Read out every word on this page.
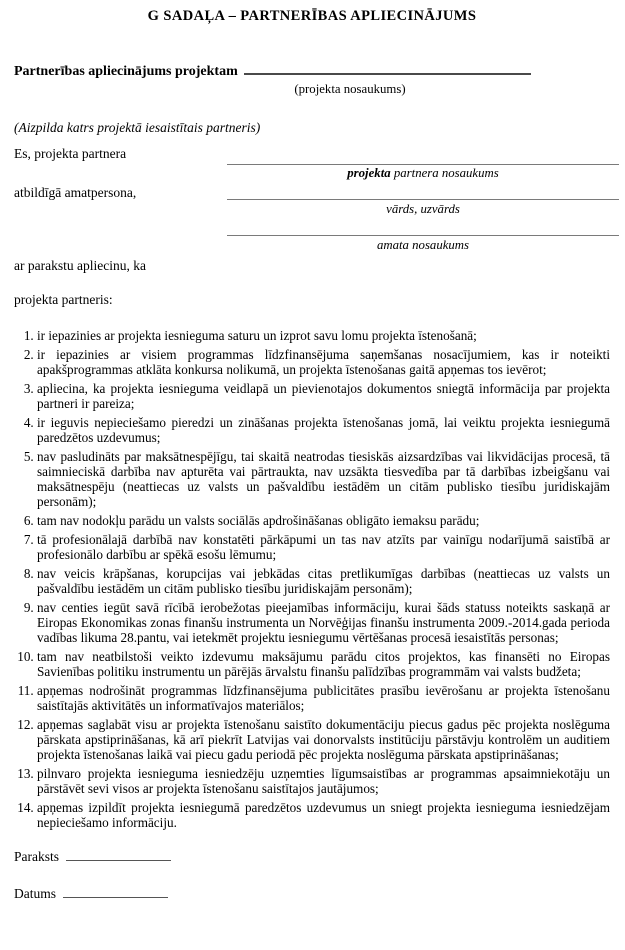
G SADAĻA – PARTNERĪBAS APLIECINĀJUMS
Partnerības apliecinājums projektam
(projekta nosaukums)
(Aizpilda katrs projektā iesaistītais partneris)
Es, projekta partnera
projekta partnera nosaukums
atbildīgā amatpersona,
vārds, uzvārds
amata nosaukums
ar parakstu apliecinu, ka
projekta partneris:
1. ir iepazinies ar projekta iesnieguma saturu un izprot savu lomu projekta īstenošanā;
2. ir iepazinies ar visiem programmas līdzfinansējuma saņemšanas nosacījumiem, kas ir noteikti apakšprogrammas atklāta konkursa nolikumā, un projekta īstenošanas gaitā apņemas tos ievērot;
3. apliecina, ka projekta iesnieguma veidlapā un pievienotajos dokumentos sniegtā informācija par projekta partneri ir pareiza;
4. ir ieguvis nepieciešamo pieredzi un zināšanas projekta īstenošanas jomā, lai veiktu projekta iesniegumā paredzētos uzdevumus;
5. nav pasludināts par maksātnespējīgu, tai skaitā neatrodas tiesiskās aizsardzības vai likvidācijas procesā, tā saimnieciskā darbība nav apturēta vai pārtraukta, nav uzsākta tiesvedība par tā darbības izbeigšanu vai maksātnespēju (neattiecas uz valsts un pašvaldību iestādēm un citām publisko tiesību juridiskajām personām);
6. tam nav nodokļu parādu un valsts sociālās apdrošināšanas obligāto iemaksu parādu;
7. tā profesionālajā darbībā nav konstatēti pārkāpumi un tas nav atzīts par vainīgu nodarījumā saistībā ar profesionālo darbību ar spēkā esošu lēmumu;
8. nav veicis krāpšanas, korupcijas vai jebkādas citas pretlikumīgas darbības (neattiecas uz valsts un pašvaldību iestādēm un citām publisko tiesību juridiskajām personām);
9. nav centies iegūt savā rīcībā ierobežotas pieejamības informāciju, kurai šāds statuss noteikts saskaņā ar Eiropas Ekonomikas zonas finanšu instrumenta un Norvēģijas finanšu instrumenta 2009.-2014.gada perioda vadības likuma 28.pantu, vai ietekmēt projektu iesniegumu vērtēšanas procesā iesaistītās personas;
10. tam nav neatbilstoši veikto izdevumu maksājumu parādu citos projektos, kas finansēti no Eiropas Savienības politiku instrumentu un pārējās ārvalstu finanšu palīdzības programmām vai valsts budžeta;
11. apņemas nodrošināt programmas līdzfinansējuma publicitātes prasību ievērošanu ar projekta īstenošanu saistītajās aktivitātēs un informatīvajos materiālos;
12. apņemas saglabāt visu ar projekta īstenošanu saistīto dokumentāciju piecus gadus pēc projekta noslēguma pārskata apstiprināšanas, kā arī piekrīt Latvijas vai donorvalsts institūciju pārstāvju kontrolēm un auditiem projekta īstenošanas laikā vai piecu gadu periodā pēc projekta noslēguma pārskata apstiprināšanas;
13. pilnvaro projekta iesnieguma iesniedzēju uzņemties līgumsaistības ar programmas apsaimniekotāju un pārstāvēt sevi visos ar projekta īstenošanu saistītajos jautājumos;
14. apņemas izpildīt projekta iesniegumā paredzētos uzdevumus un sniegt projekta iesnieguma iesniedzējam nepieciešamo informāciju.
Paraksts
Datums
